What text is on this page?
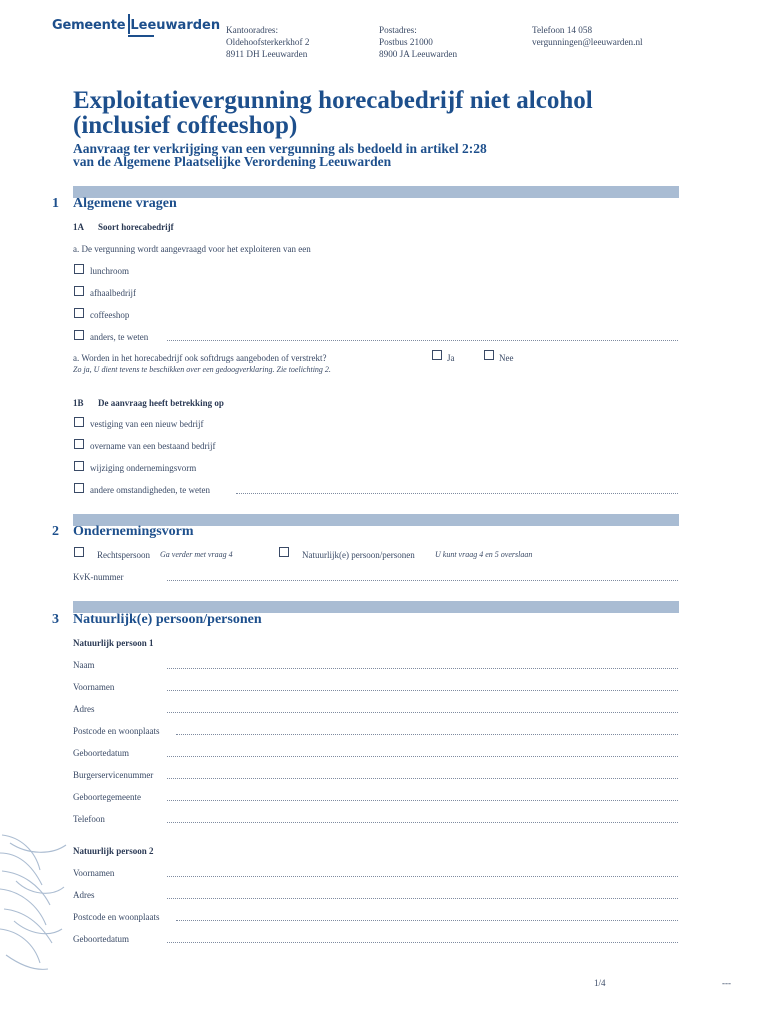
Gemeente Leeuwarden Kantooradres:
Oldehoofsterkerkhof 2
8911 DH Leeuwarden
Postadres:
Postbus 21000
8900 JA Leeuwarden
Telefoon 14 058
vergunningen@leeuwarden.nl
Exploitatievergunning horecabedrijf niet alcohol
(inclusief coffeeshop)
Aanvraag ter verkrijging van een vergunning als bedoeld in artikel 2:28
van de Algemene Plaatselijke Verordening Leeuwarden
1 Algemene vragen
1A Soort horecabedrijf
a. De vergunning wordt aangevraagd voor het exploiteren van een
lunchroom
afhaalbedrijf
coffeeshop
anders, te weten
a. Worden in het horecabedrijf ook softdrugs aangeboden of verstrekt?
Zo ja, U dient tevens te beschikken over een gedoogverklaring. Zie toelichting 2.
Ja	Nee
1B De aanvraag heeft betrekking op
vestiging van een nieuw bedrijf
overname van een bestaand bedrijf
wijziging ondernemingsvorm
andere omstandigheden, te weten
2 Ondernemingsvorm
Rechtspersoon Ga verder met vraag 4	Natuurlijk(e) persoon/personen	U kunt vraag 4 en 5 overslaan
KvK-nummer
3 Natuurlijk(e) persoon/personen
Natuurlijk persoon 1
Naam
Voornamen
Adres
Postcode en woonplaats
Geboortedatum
Burgerservicenummer
Geboortegemeente
Telefoon
Natuurlijk persoon 2
Voornamen
Adres
Postcode en woonplaats
Geboortedatum
1/4	---
